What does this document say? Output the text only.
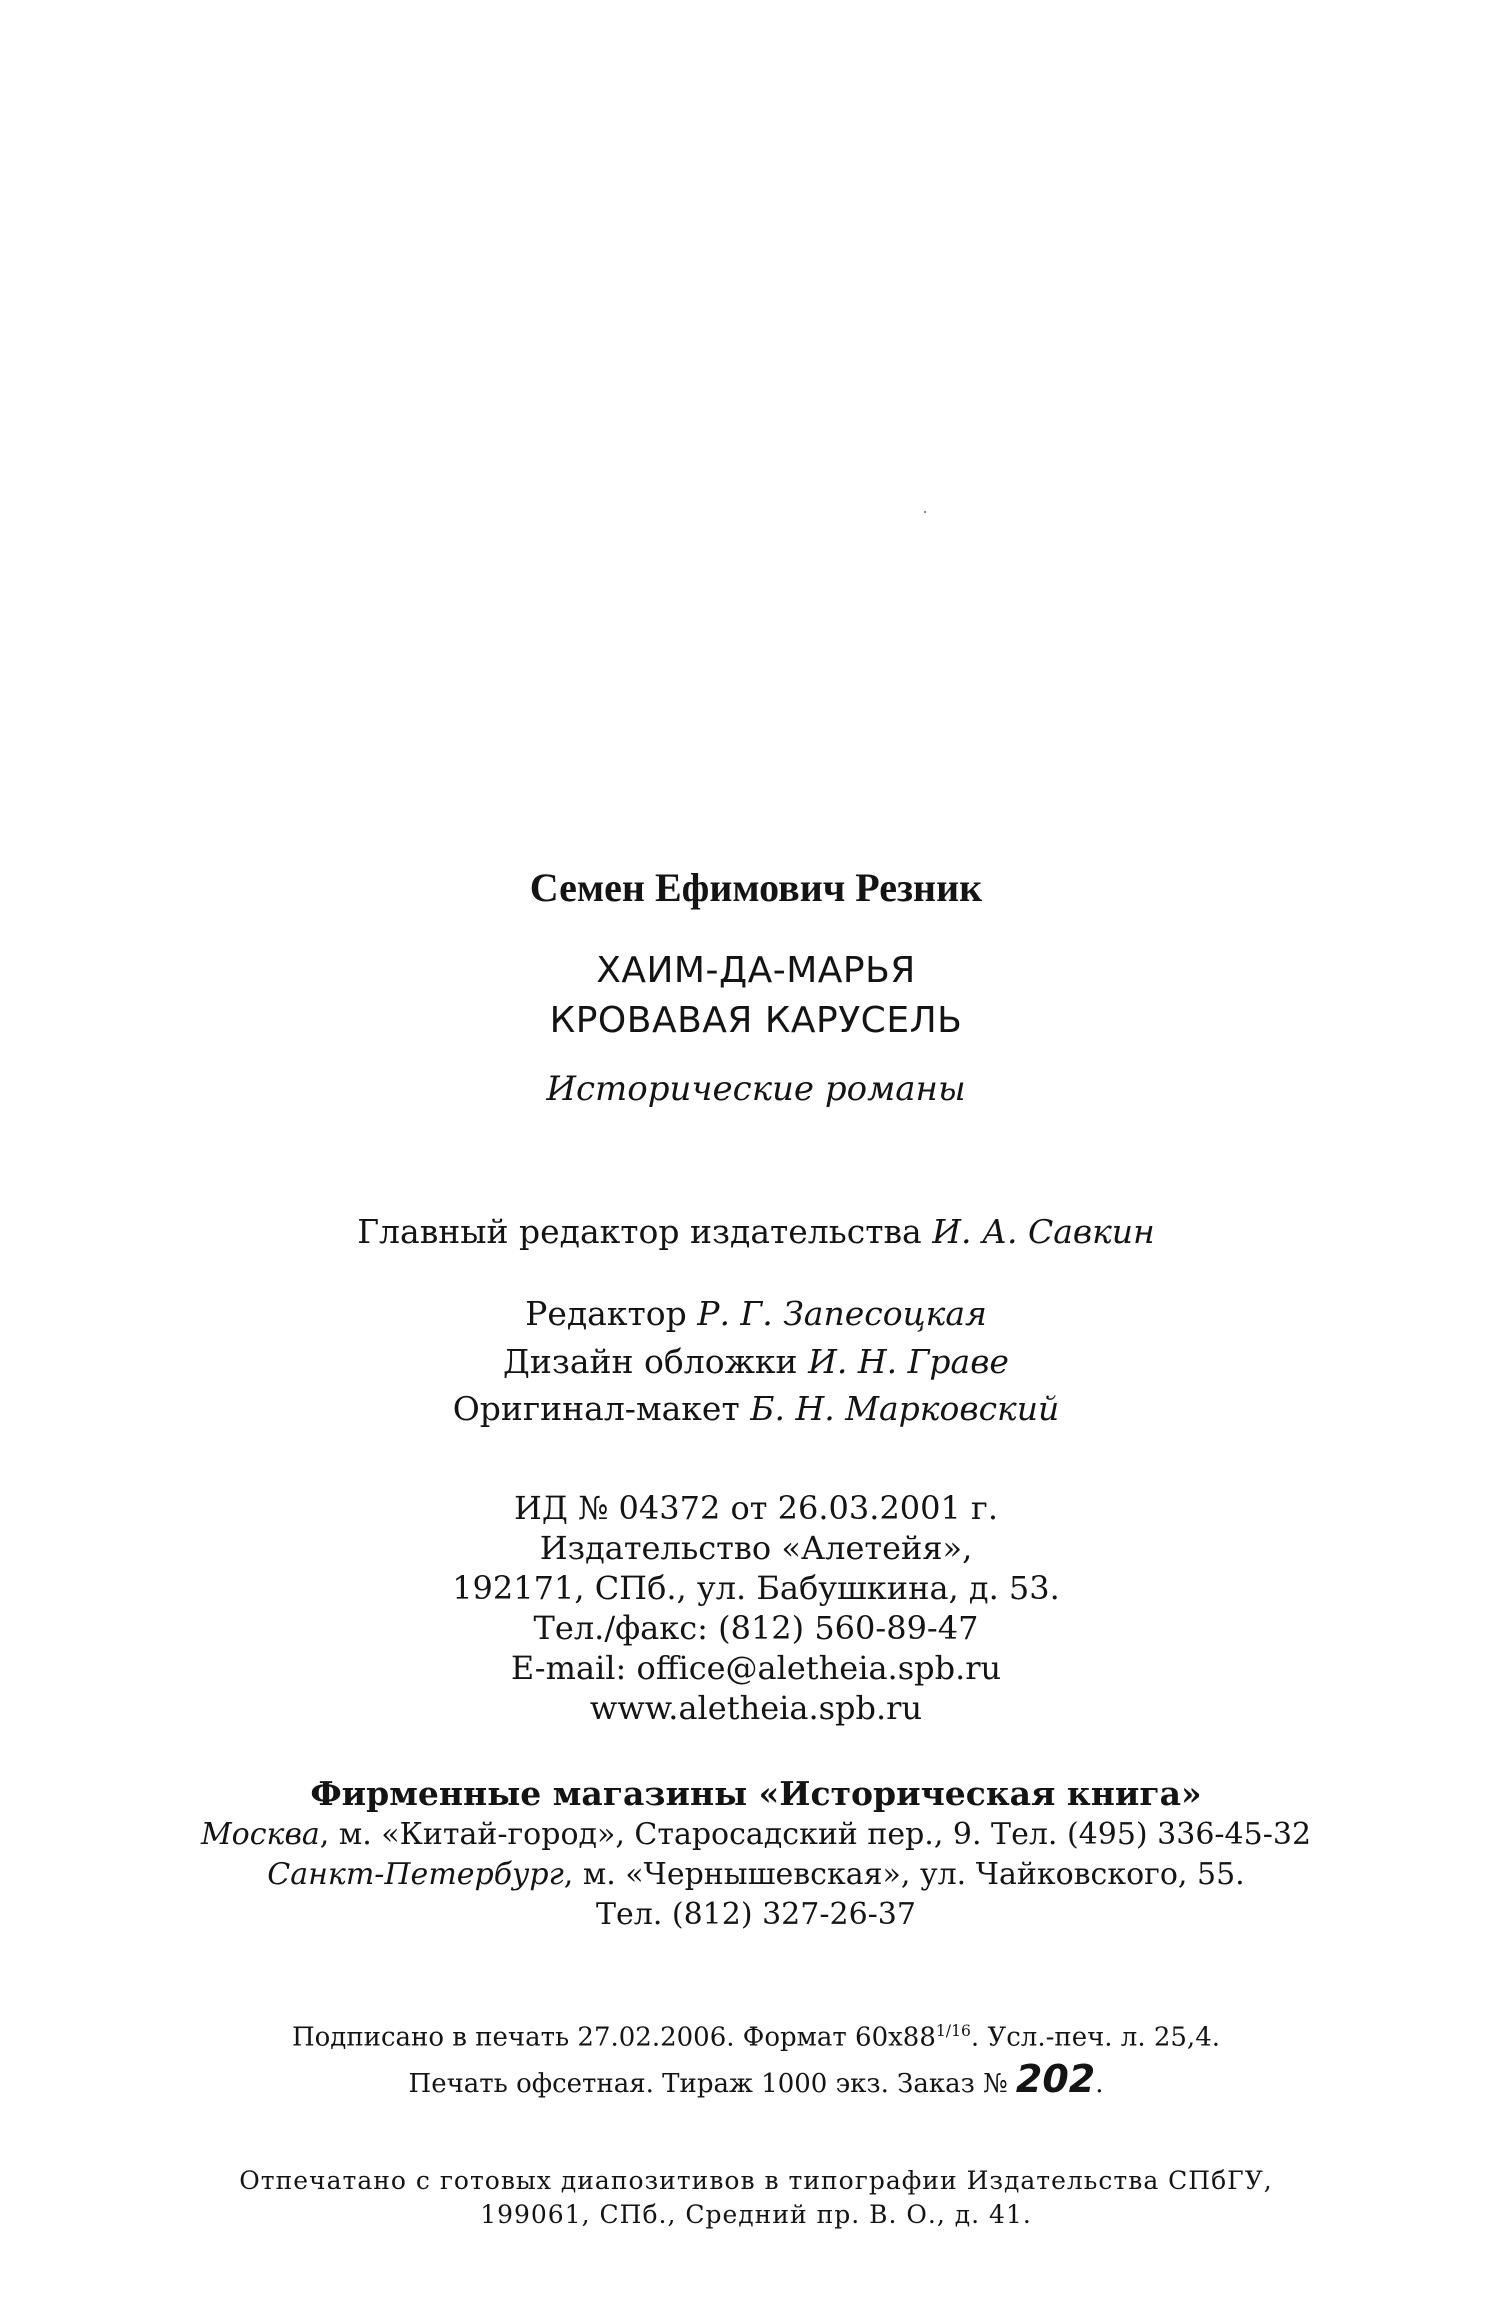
Семен Ефимович Резник
ХАИМ-ДА-МАРЬЯ
КРОВАВАЯ КАРУСЕЛЬ
Исторические романы
Главный редактор издательства И. А. Савкин
Редактор Р. Г. Запесоцкая
Дизайн обложки И. Н. Граве
Оригинал-макет Б. Н. Марковский
ИД № 04372 от 26.03.2001 г.
Издательство «Алетейя»,
192171, СПб., ул. Бабушкина, д. 53.
Тел./факс: (812) 560-89-47
E-mail: office@aletheia.spb.ru
www.aletheia.spb.ru
Фирменные магазины «Историческая книга»
Москва, м. «Китай-город», Старосадский пер., 9. Тел. (495) 336-45-32
Санкт-Петербург, м. «Чернышевская», ул. Чайковского, 55.
Тел. (812) 327-26-37
Подписано в печать 27.02.2006. Формат $60х88^{1/16}$. Усл.-печ. л. 25,4.
Печать офсетная. Тираж 1000 экз. Заказ № 202.
Отпечатано с готовых диапозитивов в типографии Издательства СПбГУ,
199061, СПб., Средний пр. В. О., д. 41.
